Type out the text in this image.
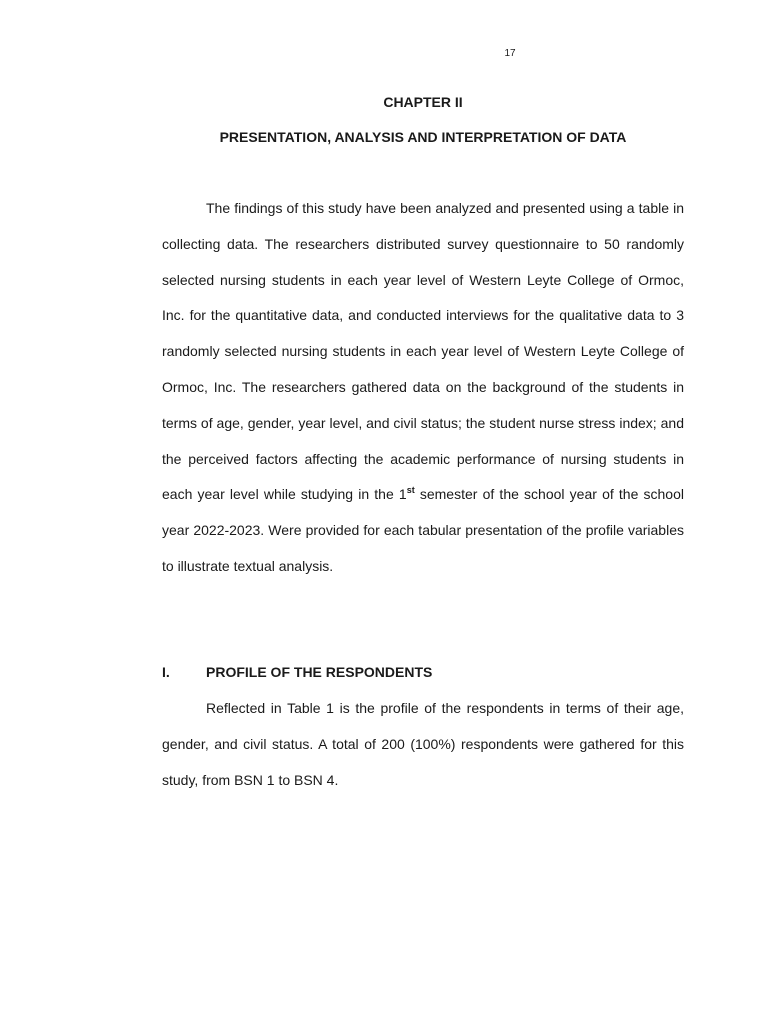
17
CHAPTER II
PRESENTATION, ANALYSIS AND INTERPRETATION OF DATA

The findings of this study have been analyzed and presented using a table in collecting data. The researchers distributed survey questionnaire to 50 randomly selected nursing students in each year level of Western Leyte College of Ormoc, Inc. for the quantitative data, and conducted interviews for the qualitative data to 3 randomly selected nursing students in each year level of Western Leyte College of Ormoc, Inc. The researchers gathered data on the background of the students in terms of age, gender, year level, and civil status; the student nurse stress index; and the perceived factors affecting the academic performance of nursing students in each year level while studying in the 1st semester of the school year of the school year 2022-2023. Were provided for each tabular presentation of the profile variables to illustrate textual analysis.

I.	PROFILE OF THE RESPONDENTS

Reflected in Table 1 is the profile of the respondents in terms of their age, gender, and civil status. A total of 200 (100%) respondents were gathered for this study, from BSN 1 to BSN 4.
